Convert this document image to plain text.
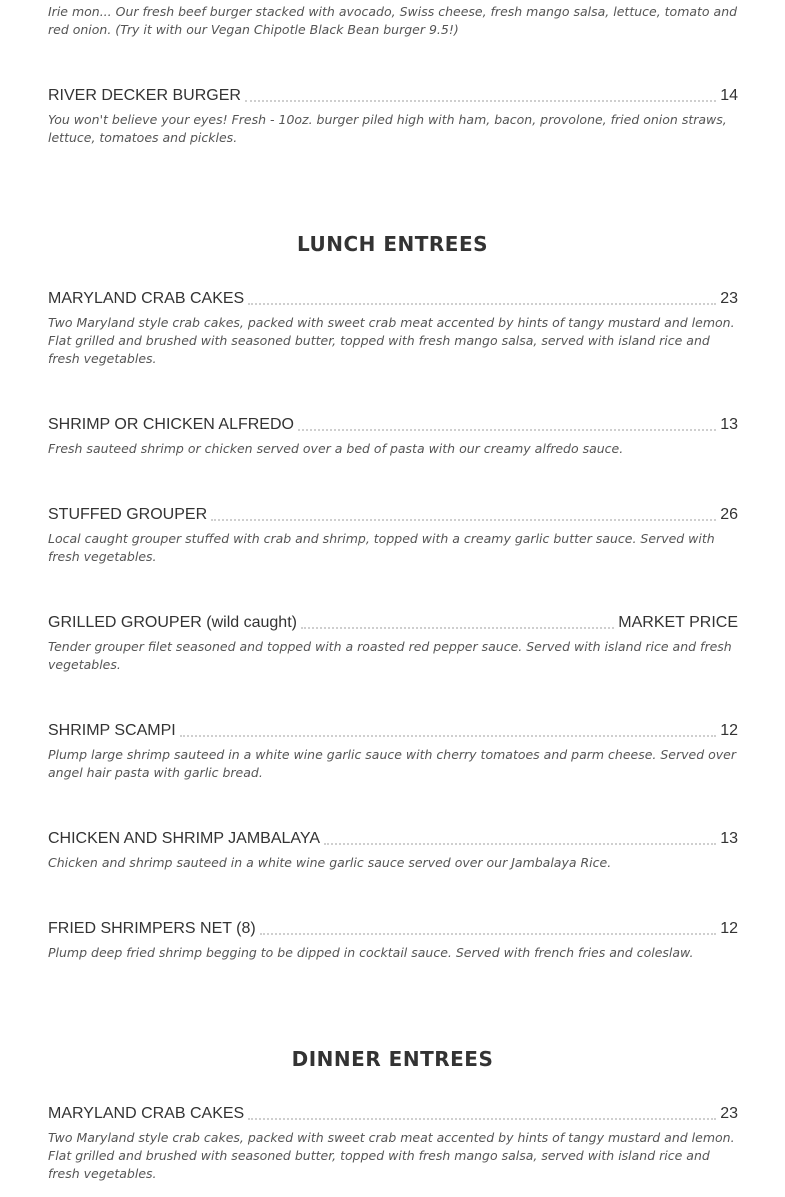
Irie mon... Our fresh beef burger stacked with avocado, Swiss cheese, fresh mango salsa, lettuce, tomato and red onion. (Try it with our Vegan Chipotle Black Bean burger 9.5!)

RIVER DECKER BURGER	14

You won't believe your eyes! Fresh - 10oz. burger piled high with ham, bacon, provolone, fried onion straws, lettuce, tomatoes and pickles.

LUNCH ENTREES
MARYLAND CRAB CAKES	23

Two Maryland style crab cakes, packed with sweet crab meat accented by hints of tangy mustard and lemon. Flat grilled and brushed with seasoned butter, topped with fresh mango salsa, served with island rice and fresh vegetables.

SHRIMP OR CHICKEN ALFREDO	13

Fresh sauteed shrimp or chicken served over a bed of pasta with our creamy alfredo sauce.

STUFFED GROUPER	26

Local caught grouper stuffed with crab and shrimp, topped with a creamy garlic butter sauce. Served with fresh vegetables.

GRILLED GROUPER (wild caught)	MARKET PRICE

Tender grouper filet seasoned and topped with a roasted red pepper sauce. Served with island rice and fresh vegetables.

SHRIMP SCAMPI	12

Plump large shrimp sauteed in a white wine garlic sauce with cherry tomatoes and parm cheese. Served over angel hair pasta with garlic bread.

CHICKEN AND SHRIMP JAMBALAYA	13

Chicken and shrimp sauteed in a white wine garlic sauce served over our Jambalaya Rice.

FRIED SHRIMPERS NET (8)	12

Plump deep fried shrimp begging to be dipped in cocktail sauce. Served with french fries and coleslaw.

DINNER ENTREES
MARYLAND CRAB CAKES	23

Two Maryland style crab cakes, packed with sweet crab meat accented by hints of tangy mustard and lemon. Flat grilled and brushed with seasoned butter, topped with fresh mango salsa, served with island rice and fresh vegetables.
